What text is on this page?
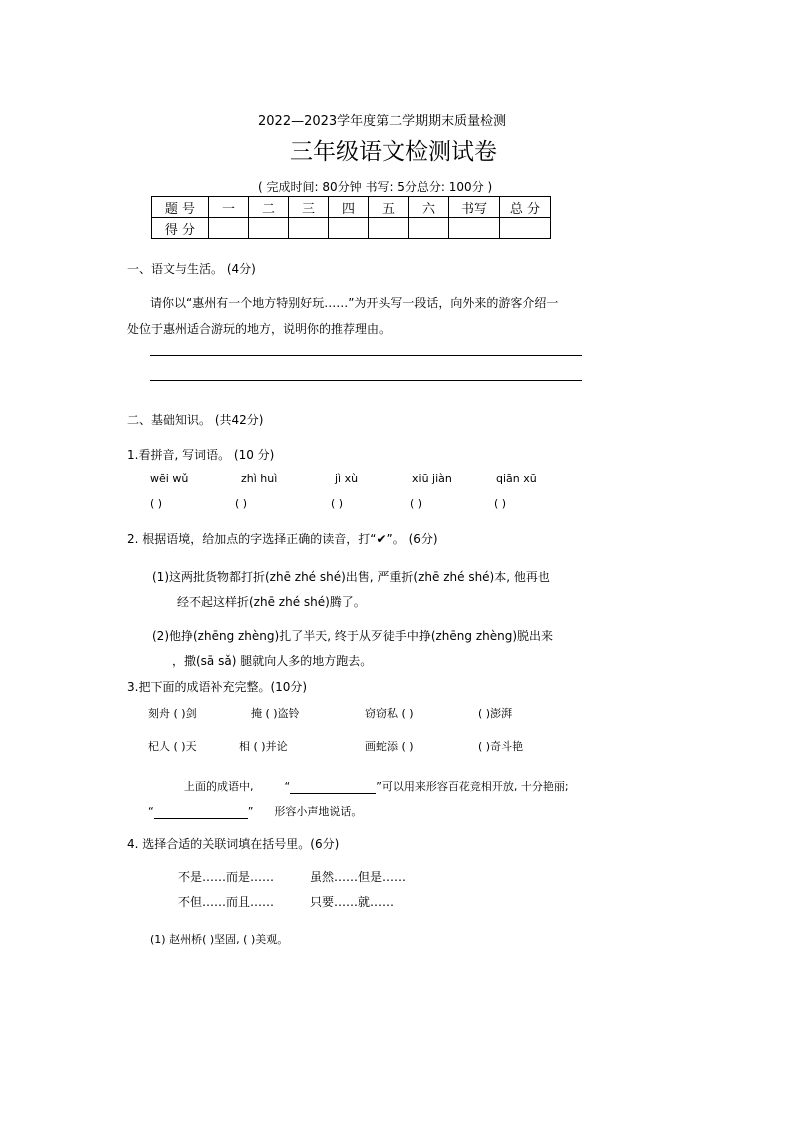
2022—2023学年度第二学期期末质量检测
三年级语文检测试卷
( 完成时间: 80分钟 书写: 5分总分: 100分 )
题 号	一	二	三	四	五	六	书写	总 分
得 分								
一、语文与生活。 (4分)
请你以“惠州有一个地方特别好玩……”为开头写一段话，向外来的游客介绍一
处位于惠州适合游玩的地方，说明你的推荐理由。
二、基础知识。 (共42分)
1.看拼音, 写词语。 (10 分)
wēi wǔ	zhì huì	jì xù	xiū jiàn	qiān xū
( )	( )	( )	( )	( )
2. 根据语境，给加点的字选择正确的读音，打“✔”。 (6分)
(1)这两批货物都打折(zhē zhé shé)出售, 严重折(zhē zhé shé)本, 他再也
经不起这样折(zhē zhé shé)腾了。
(2)他挣(zhēng zhèng)扎了半天, 终于从歹徒手中挣(zhēng zhèng)脱出来
，撒(sā sǎ) 腿就向人多的地方跑去。
3.把下面的成语补充完整。(10分)
刻舟 ( )剑	掩 ( )盗铃	窃窃私 ( )	( )澎湃
杞人 ( )天	相 ( )并论	画蛇添 ( )	( )奇斗艳
上面的成语中,	“	”可以用来形容百花竞相开放, 十分艳丽;
“	” 形容小声地说话。
4. 选择合适的关联词填在括号里。(6分)
不是……而是……	虽然……但是……
不但……而且……	只要……就……
(1) 赵州桥( )坚固, ( )美观。
